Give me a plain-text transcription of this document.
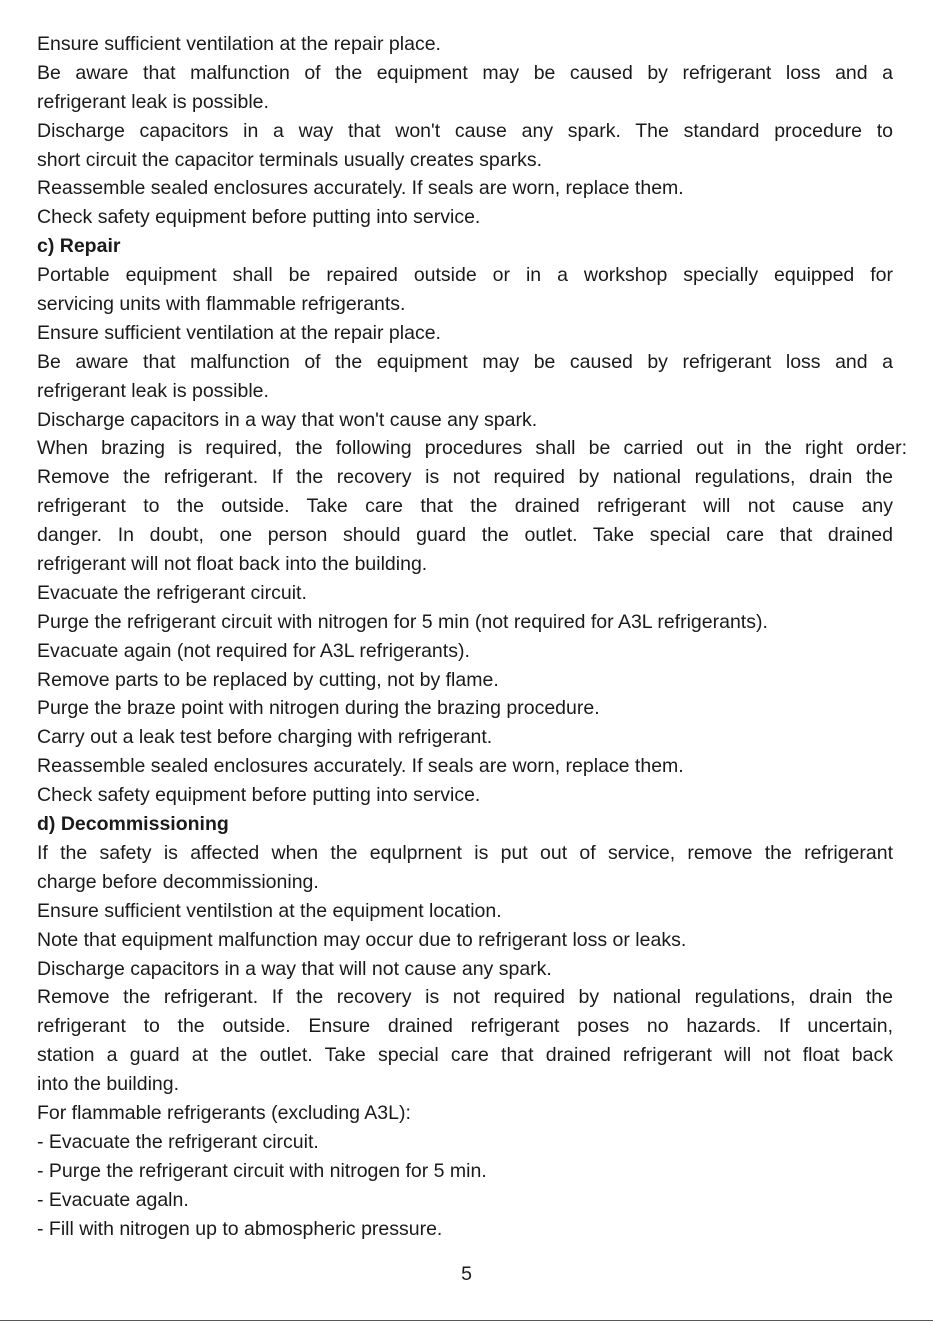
Ensure sufficient ventilation at the repair place.
Be aware that malfunction of the equipment may be caused by refrigerant loss and a
refrigerant leak is possible.
Discharge capacitors in a way that won't cause any spark. The standard procedure to
short circuit the capacitor terminals usually creates sparks.
Reassemble sealed enclosures accurately. If seals are worn, replace them.
Check safety equipment before putting into service.
c) Repair
Portable equipment shall be repaired outside or in a workshop specially equipped for
servicing units with flammable refrigerants.
Ensure sufficient ventilation at the repair place.
Be aware that malfunction of the equipment may be caused by refrigerant loss and a
refrigerant leak is possible.
Discharge capacitors in a way that won't cause any spark.
When brazing is required, the following procedures shall be carried out in the right order:
Remove the refrigerant. If the recovery is not required by national regulations, drain the
refrigerant to the outside. Take care that the drained refrigerant will not cause any
danger. In doubt, one person should guard the outlet. Take special care that drained
refrigerant will not float back into the building.
Evacuate the refrigerant circuit.
Purge the refrigerant circuit with nitrogen for 5 min (not required for A3L refrigerants).
Evacuate again (not required for A3L refrigerants).
Remove parts to be replaced by cutting, not by flame.
Purge the braze point with nitrogen during the brazing procedure.
Carry out a leak test before charging with refrigerant.
Reassemble sealed enclosures accurately. If seals are worn, replace them.
Check safety equipment before putting into service.
d) Decommissioning
If the safety is affected when the equlprnent is put out of service, remove the refrigerant
charge before decommissioning.
Ensure sufficient ventilstion at the equipment location.
Note that equipment malfunction may occur due to refrigerant loss or leaks.
Discharge capacitors in a way that will not cause any spark.
Remove the refrigerant. If the recovery is not required by national regulations, drain the
refrigerant to the outside. Ensure drained refrigerant poses no hazards. If uncertain,
station a guard at the outlet. Take special care that drained refrigerant will not float back
into the building.
For flammable refrigerants (excluding A3L):
- Evacuate the refrigerant circuit.
- Purge the refrigerant circuit with nitrogen for 5 min.
- Evacuate agaln.
- Fill with nitrogen up to abmospheric pressure.
5
